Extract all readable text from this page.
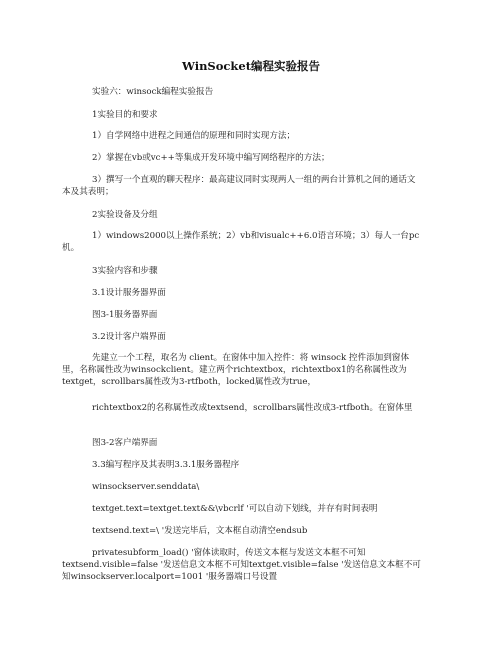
WinSocket编程实验报告
实验六：winsock编程实验报告
1实验目的和要求
1）自学网络中进程之间通信的原理和同时实现方法；
2）掌握在vb或vc++等集成开发环境中编写网络程序的方法；
3）撰写一个直观的聊天程序：最高建议同时实现两人一组的两台计算机之间的通话文本及其表明；
2实验设备及分组
1）windows2000以上操作系统；2）vb和visualc++6.0语言环境；3）每人一台pc机。
3实验内容和步骤
3.1设计服务器界面
图3-1服务器界面
3.2设计客户端界面
先建立一个工程，取名为 client。在窗体中加入控件：将 winsock 控件添加到窗体里，名称属性改为winsockclient。建立两个richtextbox，richtextbox1的名称属性改为textget，scrollbars属性改为3-rtfboth，locked属性改为true，
richtextbox2的名称属性改成textsend，scrollbars属性改成3-rtfboth。在窗体里
图3-2客户端界面
3.3编写程序及其表明3.3.1服务器程序
winsockserver.senddata\
textget.text=textget.text&&\vbcrlf '可以自动下划线，并存有时间表明
textsend.text=\ '发送完毕后，文本框自动清空endsub
privatesubform_load() '窗体读取时，传送文本框与发送文本框不可知textsend.visible=false '发送信息文本框不可知textget.visible=false '发送信息文本框不可知winsockserver.localport=1001 '服务器端口号设置
